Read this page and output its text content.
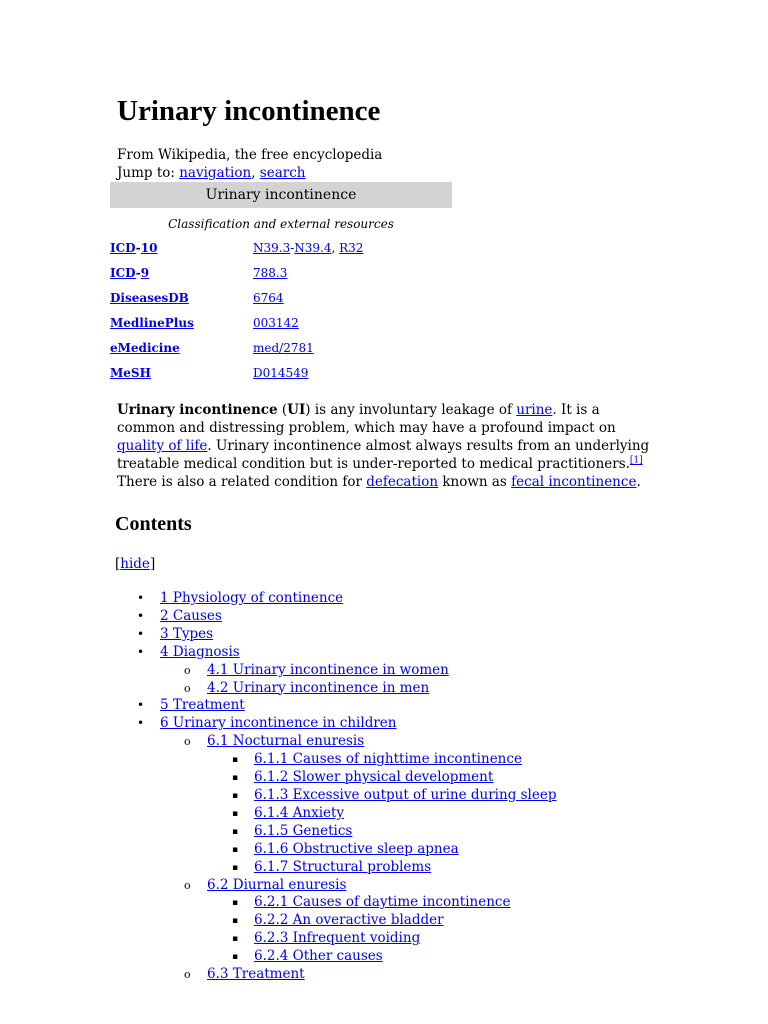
Urinary incontinence
From Wikipedia, the free encyclopedia
Jump to: navigation, search
Urinary incontinence
Classification and external resources
ICD-10	N39.3-N39.4, R32
ICD-9	788.3
DiseasesDB	6764
MedlinePlus	003142
eMedicine	med/2781
MeSH	D014549

Urinary incontinence (UI) is any involuntary leakage of urine. It is a common and distressing problem, which may have a profound impact on quality of life. Urinary incontinence almost always results from an underlying treatable medical condition but is under-reported to medical practitioners.[1] There is also a related condition for defecation known as fecal incontinence.

Contents
[hide]
• 1 Physiology of continence
• 2 Causes
• 3 Types
• 4 Diagnosis
o 4.1 Urinary incontinence in women
o 4.2 Urinary incontinence in men
• 5 Treatment
• 6 Urinary incontinence in children
o 6.1 Nocturnal enuresis
▪ 6.1.1 Causes of nighttime incontinence
▪ 6.1.2 Slower physical development
▪ 6.1.3 Excessive output of urine during sleep
▪ 6.1.4 Anxiety
▪ 6.1.5 Genetics
▪ 6.1.6 Obstructive sleep apnea
▪ 6.1.7 Structural problems
o 6.2 Diurnal enuresis
▪ 6.2.1 Causes of daytime incontinence
▪ 6.2.2 An overactive bladder
▪ 6.2.3 Infrequent voiding
▪ 6.2.4 Other causes
o 6.3 Treatment
